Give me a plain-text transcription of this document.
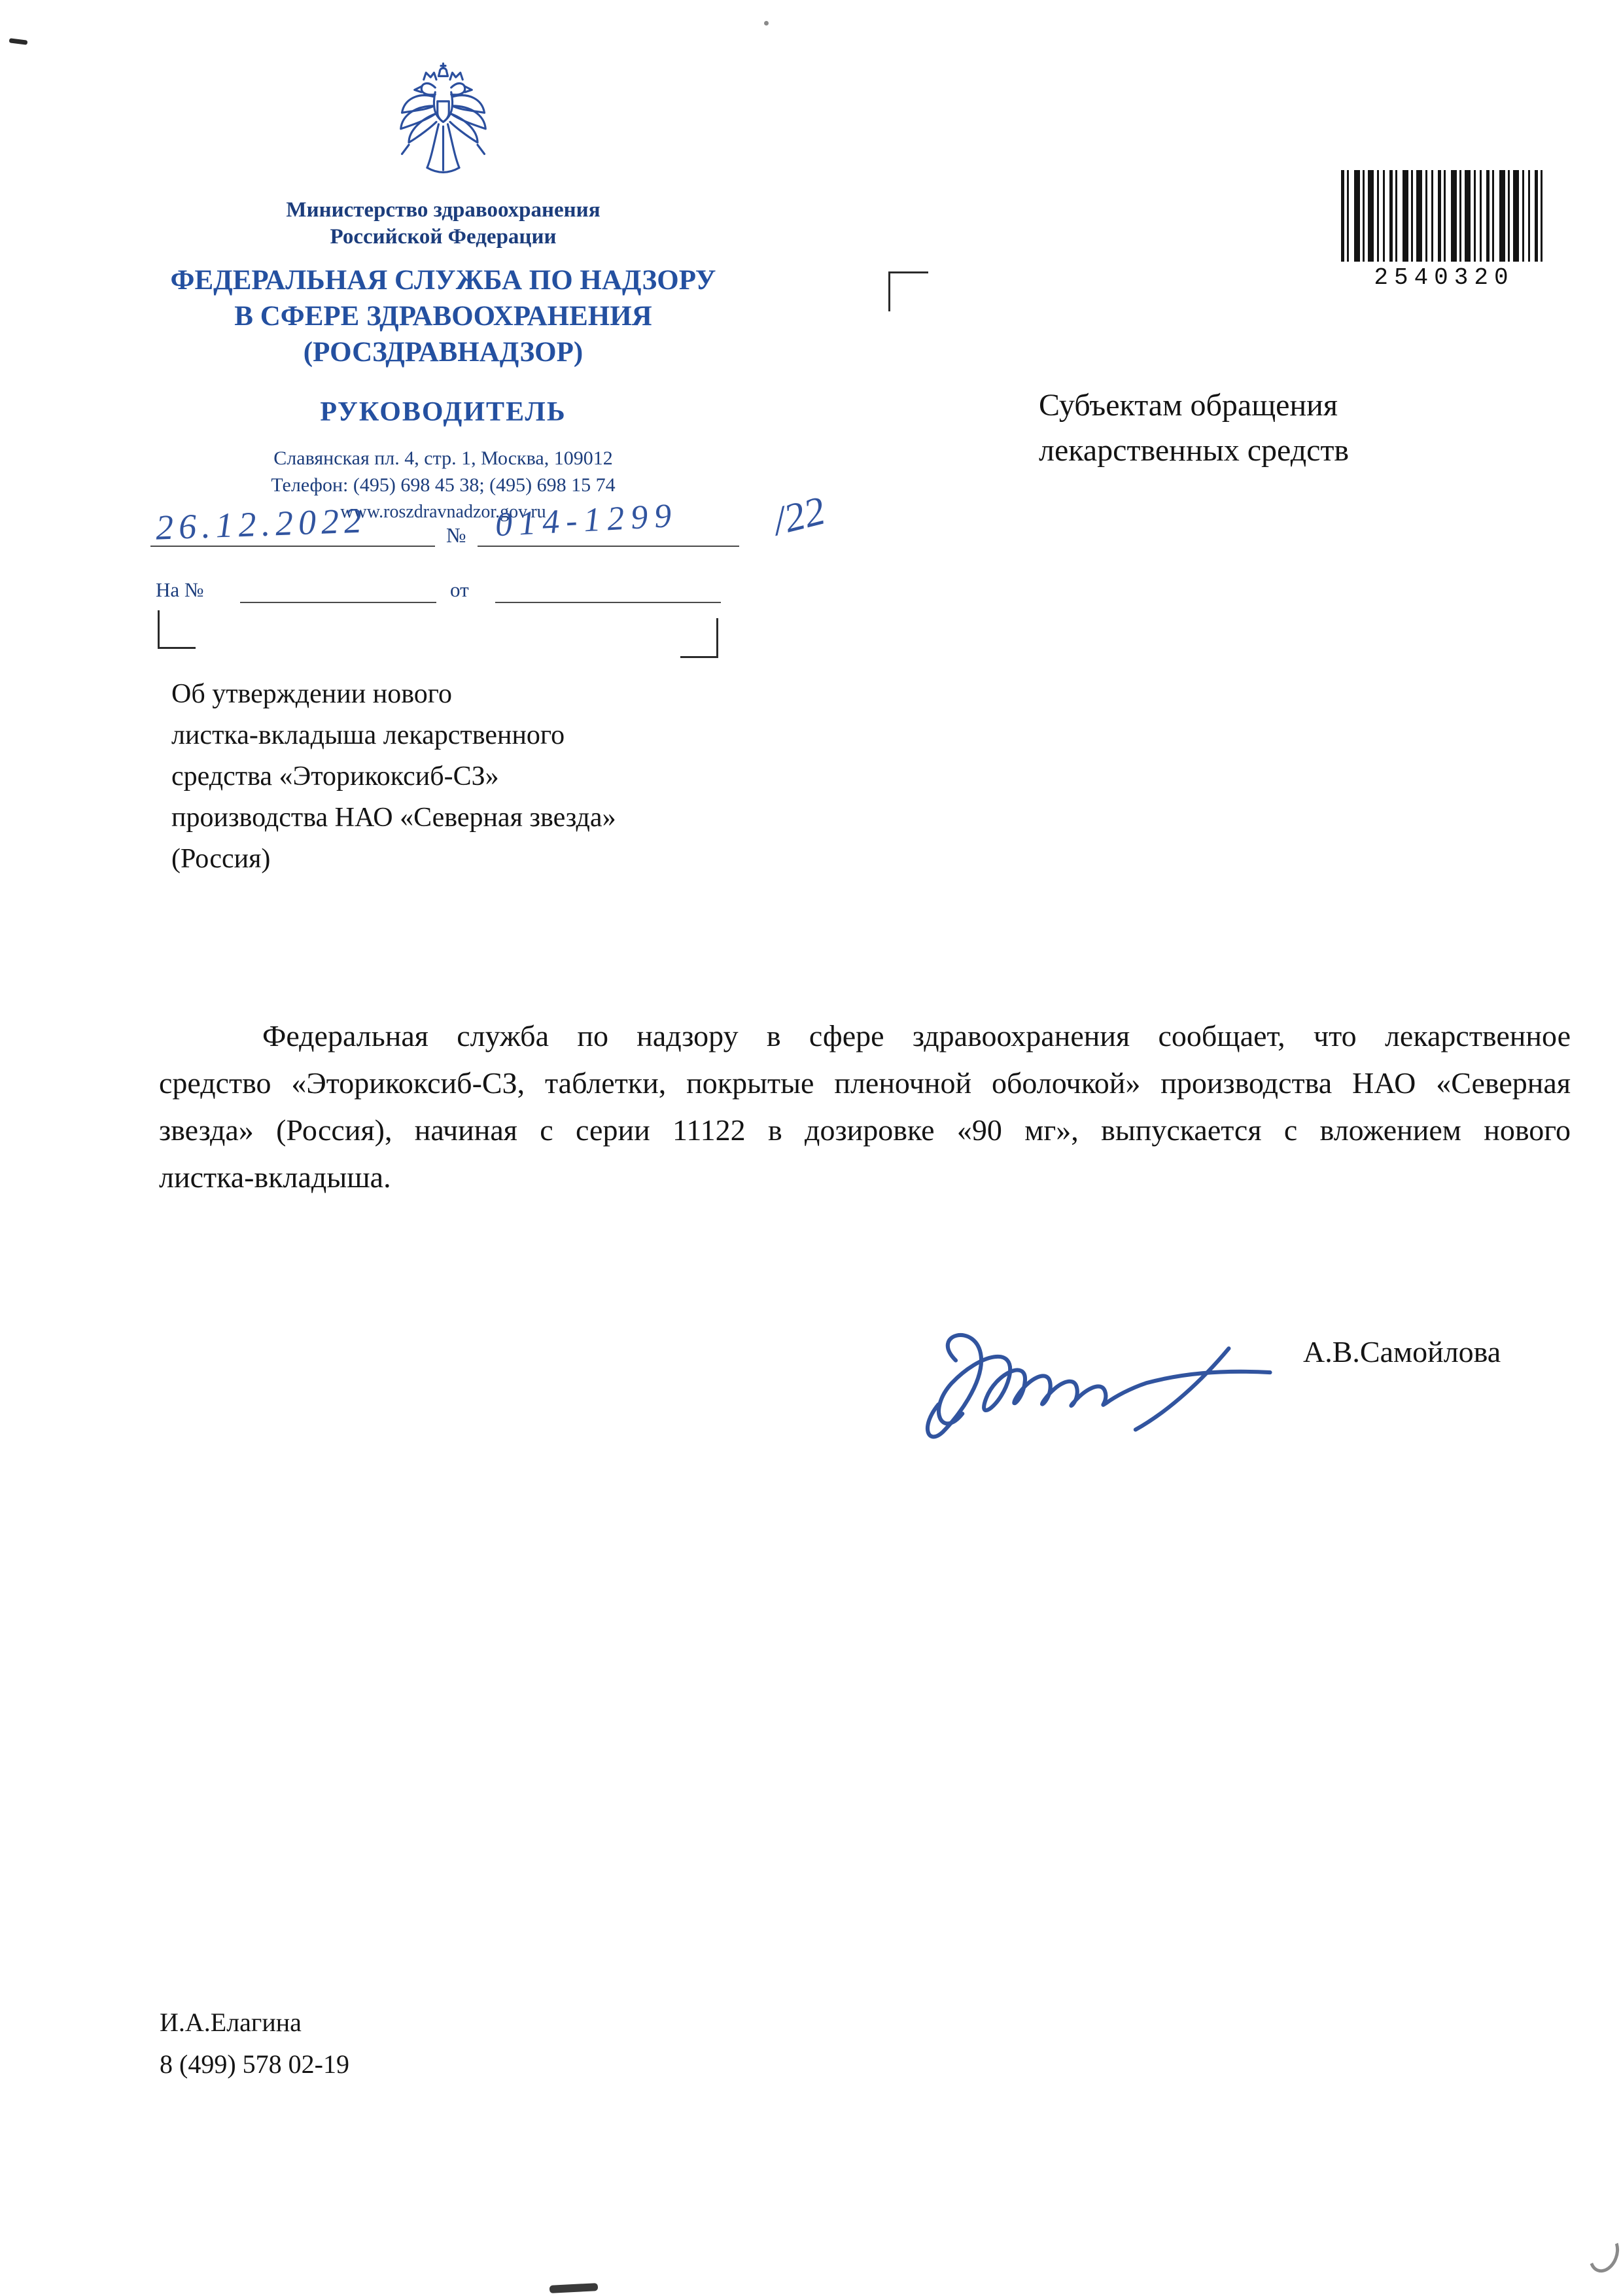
Министерство здравоохранения
Российской Федерации
ФЕДЕРАЛЬНАЯ СЛУЖБА ПО НАДЗОРУ
В СФЕРЕ ЗДРАВООХРАНЕНИЯ
(РОСЗДРАВНАДЗОР)
РУКОВОДИТЕЛЬ
Славянская пл. 4, стр. 1, Москва, 109012
Телефон: (495) 698 45 38; (495) 698 15 74
www.roszdravnadzor.gov.ru
26.12.2022	№ 014-1299 /22
На №	от
2540320
Субъектам обращения
лекарственных средств
Об утверждении нового
листка-вкладыша лекарственного
средства «Эторикоксиб-СЗ»
производства НАО «Северная звезда»
(Россия)
Федеральная служба по надзору в сфере здравоохранения сообщает, что лекарственное средство «Эторикоксиб-СЗ, таблетки, покрытые пленочной оболочкой» производства НАО «Северная звезда» (Россия), начиная с серии 11122 в дозировке «90 мг», выпускается с вложением нового листка-вкладыша.
А.В.Самойлова
И.А.Елагина
8 (499) 578 02-19
